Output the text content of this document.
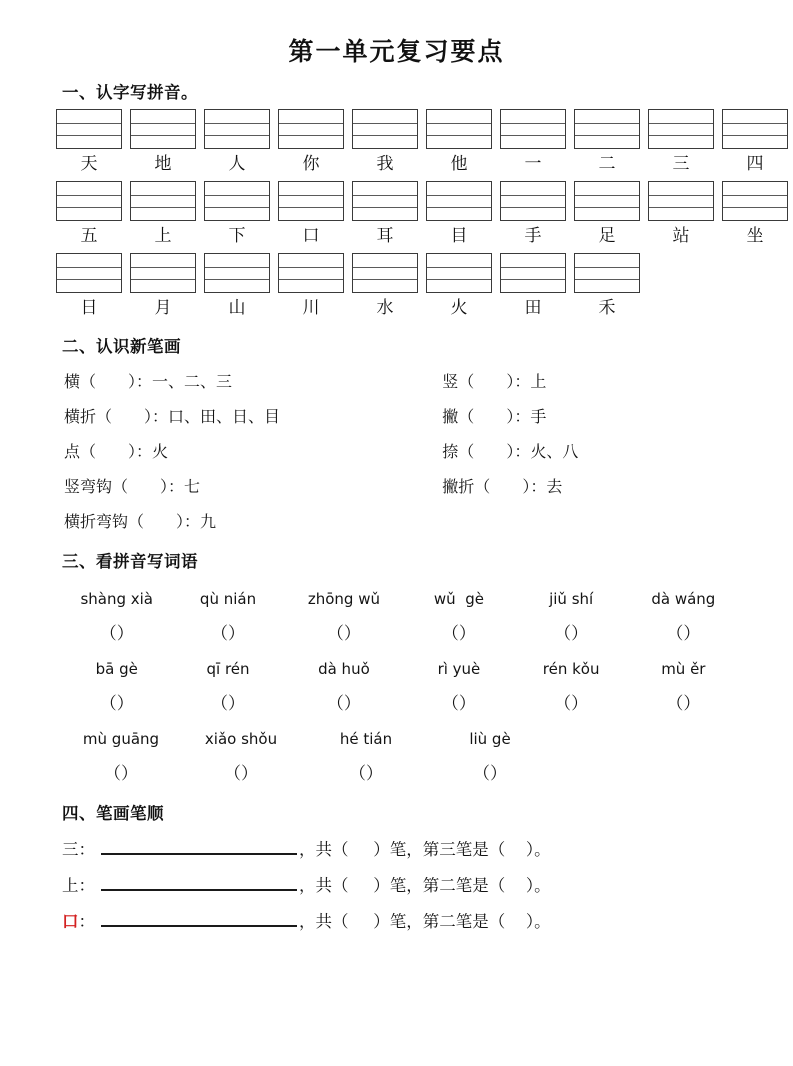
第一单元复习要点
一、认字写拼音。
天	地	人	你	我	他	一	二	三	四
五	上	下	口	耳	目	手	足	站	坐
日	月	山	川	水	火	田	禾
二、认识新笔画
横（ ）：一、二、三
横折（ ）：口、田、日、目
点（ ）：火
竖弯钩（ ）：七
竖（ ）：上
撇（ ）：手
捺（ ）：火、八
撇折（ ）：去
横折弯钩（ ）：九
三、看拼音写词语
shàng xià	qù nián	zhōng wǔ	wǔ  gè	jiǔ shí	dà wáng
（）	（）	（）	（）	（）	（）
bā gè	qī rén	dà huǒ	rì yuè	rén kǒu	mù ěr
（）	（）	（）	（）	（）	（）
mù guāng	xiǎo shǒu	hé tián	liù gè
（）	（）	（）	（）
四、笔画笔顺
三 ：	，共（
）笔，第三笔是（
）。
上 ：	，共（
）笔，第二笔是（
）。
口 ：	，共（
）笔，第二笔是（
）。
